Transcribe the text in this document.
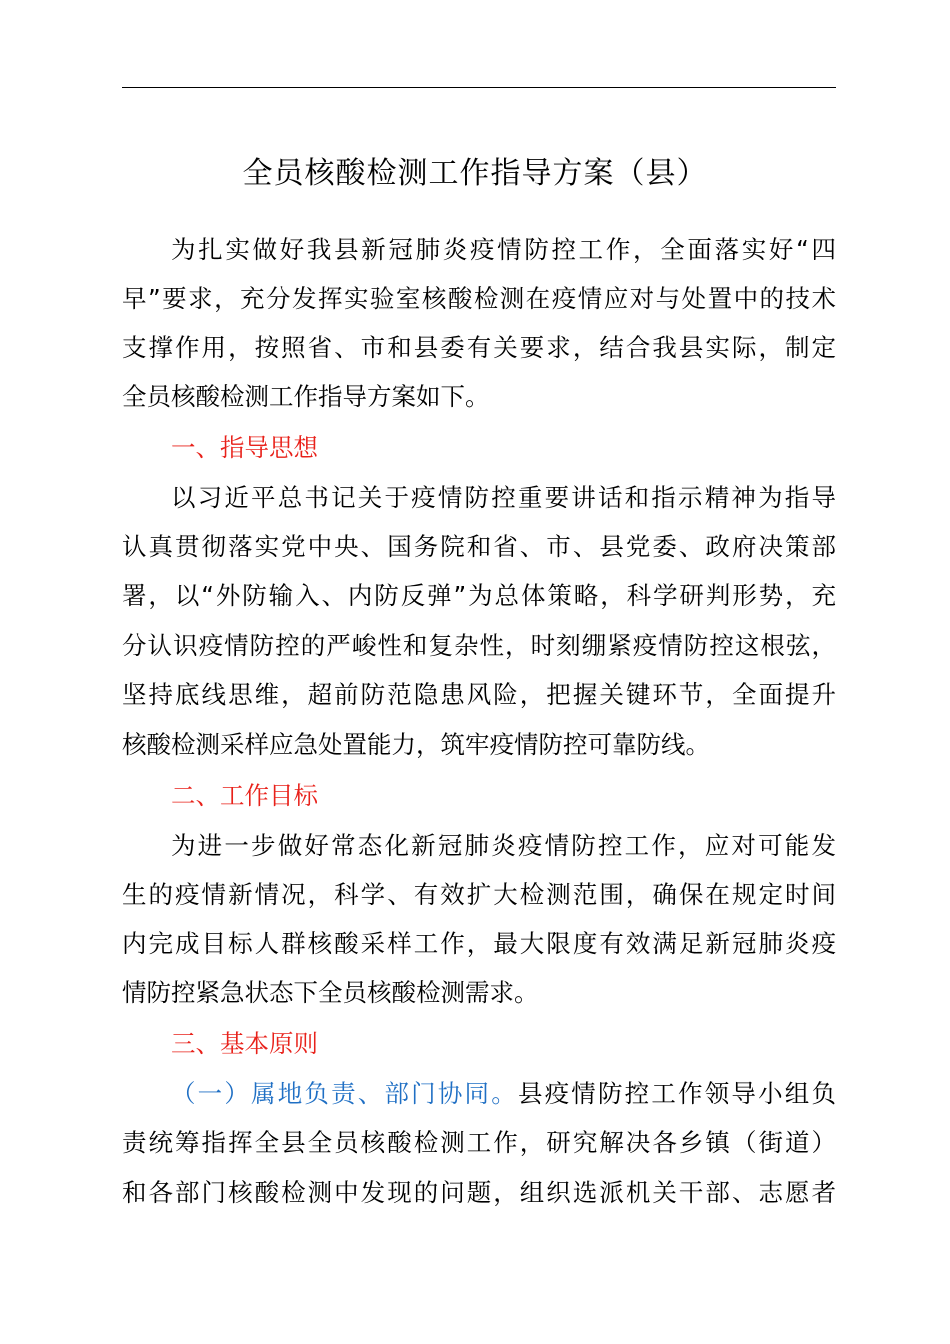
全员核酸检测工作指导方案（县）
为扎实做好我县新冠肺炎疫情防控工作，全面落实好“四
早”要求，充分发挥实验室核酸检测在疫情应对与处置中的技术
支撑作用，按照省、市和县委有关要求，结合我县实际，制定
全员核酸检测工作指导方案如下。
一、指导思想
以习近平总书记关于疫情防控重要讲话和指示精神为指导
认真贯彻落实党中央、国务院和省、市、县党委、政府决策部
署，以“外防输入、内防反弹”为总体策略，科学研判形势，充
分认识疫情防控的严峻性和复杂性，时刻绷紧疫情防控这根弦，
坚持底线思维，超前防范隐患风险，把握关键环节，全面提升
核酸检测采样应急处置能力，筑牢疫情防控可靠防线。
二、工作目标
为进一步做好常态化新冠肺炎疫情防控工作，应对可能发
生的疫情新情况，科学、有效扩大检测范围，确保在规定时间
内完成目标人群核酸采样工作，最大限度有效满足新冠肺炎疫
情防控紧急状态下全员核酸检测需求。
三、基本原则
（一）属地负责、部门协同。县疫情防控工作领导小组负
责统筹指挥全县全员核酸检测工作，研究解决各乡镇（街道）
和各部门核酸检测中发现的问题，组织选派机关干部、志愿者
